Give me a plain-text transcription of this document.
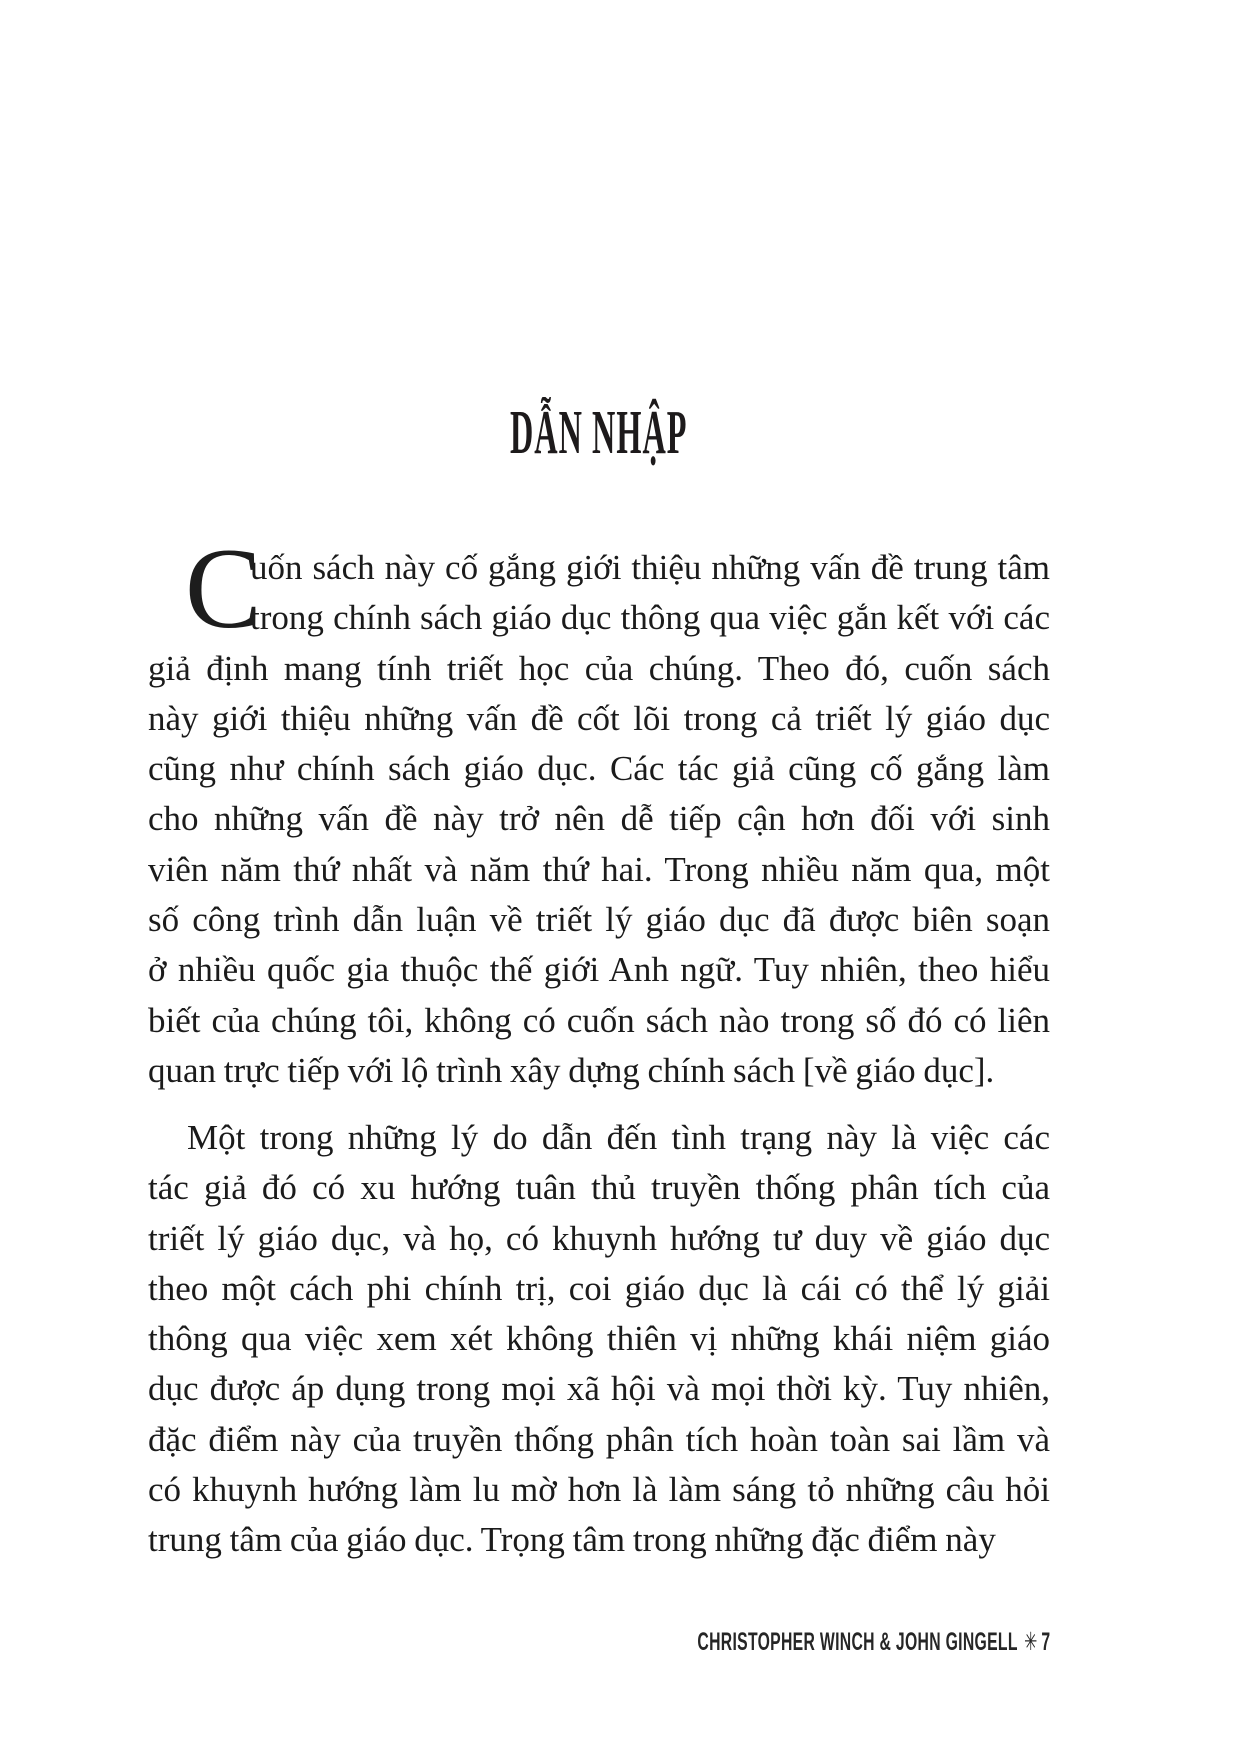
DẪN NHẬP
C
uốn sách này cố gắng giới thiệu những vấn đề trung tâm
trong chính sách giáo dục thông qua việc gắn kết với các
giả định mang tính triết học của chúng. Theo đó, cuốn sách
này giới thiệu những vấn đề cốt lõi trong cả triết lý giáo dục
cũng như chính sách giáo dục. Các tác giả cũng cố gắng làm
cho những vấn đề này trở nên dễ tiếp cận hơn đối với sinh
viên năm thứ nhất và năm thứ hai. Trong nhiều năm qua, một
số công trình dẫn luận về triết lý giáo dục đã được biên soạn
ở nhiều quốc gia thuộc thế giới Anh ngữ. Tuy nhiên, theo hiểu
biết của chúng tôi, không có cuốn sách nào trong số đó có liên
quan trực tiếp với lộ trình xây dựng chính sách [về giáo dục].
Một trong những lý do dẫn đến tình trạng này là việc các
tác giả đó có xu hướng tuân thủ truyền thống phân tích của
triết lý giáo dục, và họ, có khuynh hướng tư duy về giáo dục
theo một cách phi chính trị, coi giáo dục là cái có thể lý giải
thông qua việc xem xét không thiên vị những khái niệm giáo
dục được áp dụng trong mọi xã hội và mọi thời kỳ. Tuy nhiên,
đặc điểm này của truyền thống phân tích hoàn toàn sai lầm và
có khuynh hướng làm lu mờ hơn là làm sáng tỏ những câu hỏi
trung tâm của giáo dục. Trọng tâm trong những đặc điểm này
CHRISTOPHER WINCH & JOHN GINGELL ✳ 7
